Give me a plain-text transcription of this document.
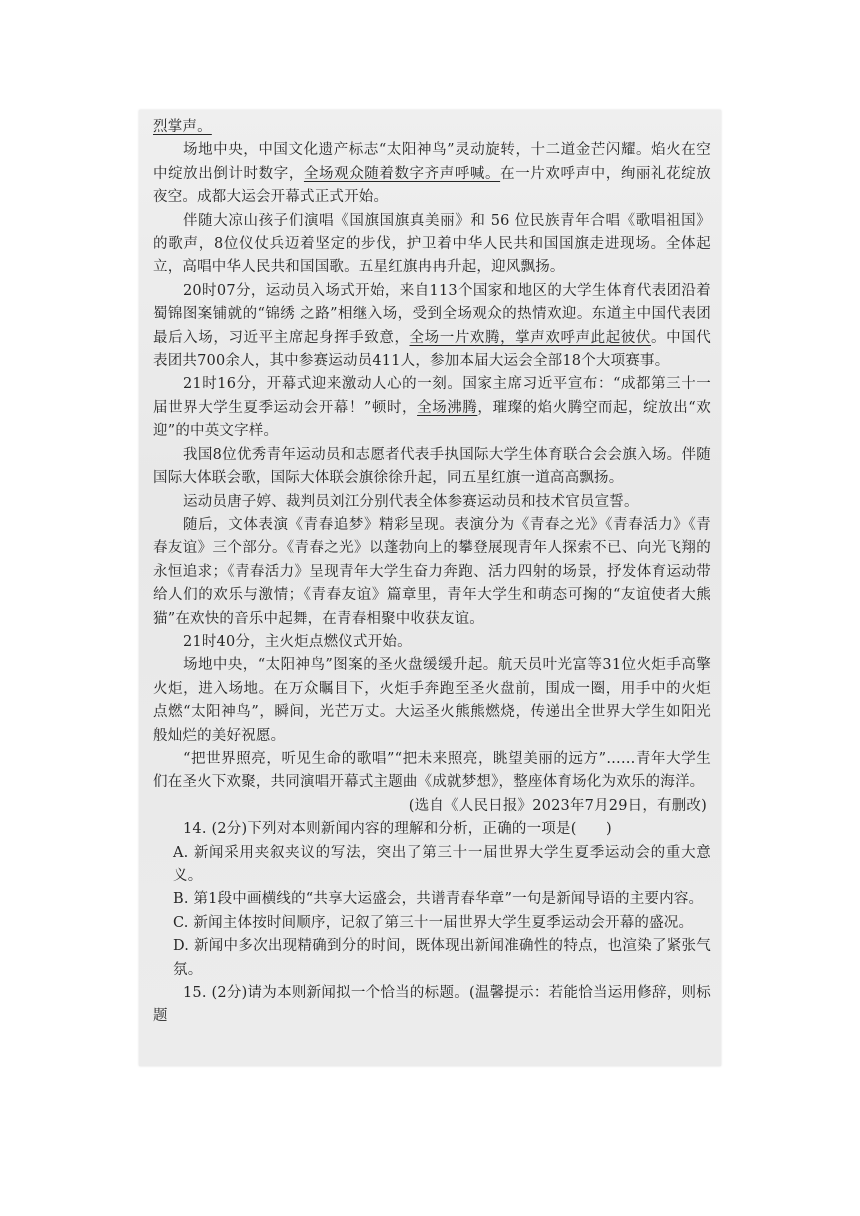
烈掌声。

场地中央，中国文化遗产标志“太阳神鸟”灵动旋转，十二道金芒闪耀。焰火在空中绽放出倒计时数字，全场观众随着数字齐声呼喊。在一片欢呼声中，绚丽礼花绽放夜空。成都大运会开幕式正式开始。

伴随大凉山孩子们演唱《国旗国旗真美丽》和 56 位民族青年合唱《歌唱祖国》的歌声，8位仪仗兵迈着坚定的步伐，护卫着中华人民共和国国旗走进现场。全体起立，高唱中华人民共和国国歌。五星红旗冉冉升起，迎风飘扬。

20时07分，运动员入场式开始，来自113个国家和地区的大学生体育代表团沿着蜀锦图案铺就的“锦绣 之路”相继入场，受到全场观众的热情欢迎。东道主中国代表团最后入场，习近平主席起身挥手致意，全场一片欢腾，掌声欢呼声此起彼伏。中国代表团共700余人，其中参赛运动员411人，参加本届大运会全部18个大项赛事。

21时16分，开幕式迎来激动人心的一刻。国家主席习近平宣布：“成都第三十一届世界大学生夏季运动会开幕！”顿时，全场沸腾，璀璨的焰火腾空而起，绽放出“欢迎”的中英文字样。

我国8位优秀青年运动员和志愿者代表手执国际大学生体育联合会会旗入场。伴随国际大体联会歌，国际大体联会旗徐徐升起，同五星红旗一道高高飘扬。

运动员唐子婷、裁判员刘江分别代表全体参赛运动员和技术官员宣誓。

随后，文体表演《青春追梦》精彩呈现。表演分为《青春之光》《青春活力》《青春友谊》三个部分。《青春之光》以蓬勃向上的攀登展现青年人探索不已、向光飞翔的永恒追求；《青春活力》呈现青年大学生奋力奔跑、活力四射的场景，抒发体育运动带给人们的欢乐与激情；《青春友谊》篇章里，青年大学生和萌态可掬的“友谊使者大熊猫”在欢快的音乐中起舞，在青春相聚中收获友谊。

21时40分，主火炬点燃仪式开始。

场地中央，“太阳神鸟”图案的圣火盘缓缓升起。航天员叶光富等31位火炬手高擎火炬，进入场地。在万众瞩目下，火炬手奔跑至圣火盘前，围成一圈，用手中的火炬点燃“太阳神鸟”，瞬间，光芒万丈。大运圣火熊熊燃烧，传递出全世界大学生如阳光般灿烂的美好祝愿。

“把世界照亮，听见生命的歌唱”“把未来照亮，眺望美丽的远方”……青年大学生们在圣火下欢聚，共同演唱开幕式主题曲《成就梦想》，整座体育场化为欢乐的海洋。

(选自《人民日报》2023年7月29日，有删改)

14. (2分)下列对本则新闻内容的理解和分析，正确的一项是(　　)

A. 新闻采用夹叙夹议的写法，突出了第三十一届世界大学生夏季运动会的重大意义。

B. 第1段中画横线的“共享大运盛会，共谱青春华章”一句是新闻导语的主要内容。

C. 新闻主体按时间顺序，记叙了第三十一届世界大学生夏季运动会开幕的盛况。

D. 新闻中多次出现精确到分的时间，既体现出新闻准确性的特点，也渲染了紧张气氛。

15. (2分)请为本则新闻拟一个恰当的标题。(温馨提示：若能恰当运用修辞，则标题
